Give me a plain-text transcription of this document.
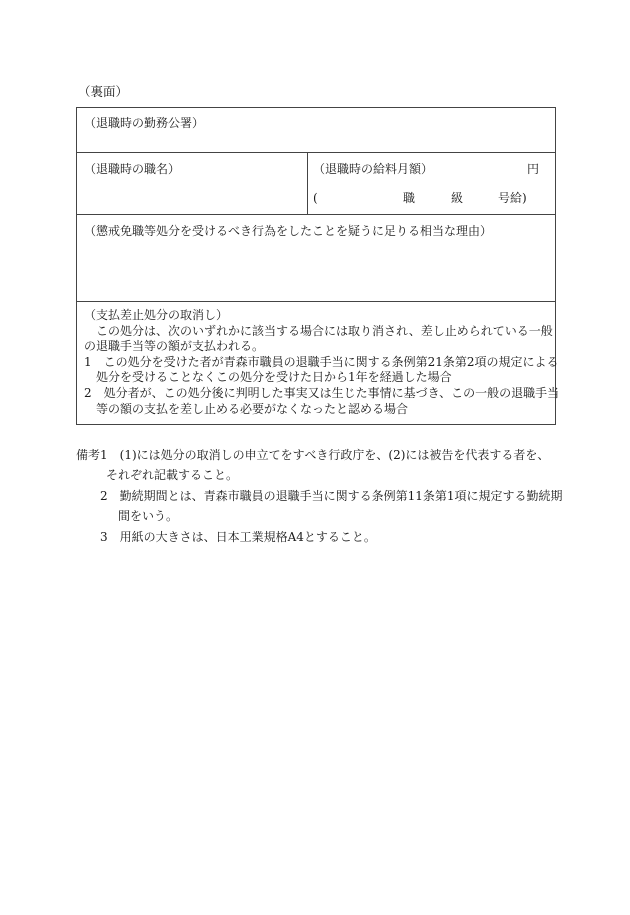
（裏面）
（退職時の勤務公署）
（退職時の職名）	（退職時の給料月額）	円
(	職	級	号給)
（懲戒免職等処分を受けるべき行為をしたことを疑うに足りる相当な理由）
（支払差止処分の取消し）
　この処分は、次のいずれかに該当する場合には取り消され、差し止められている一般
の退職手当等の額が支払われる。
1　この処分を受けた者が青森市職員の退職手当に関する条例第21条第2項の規定による
　処分を受けることなくこの処分を受けた日から1年を経過した場合
2　処分者が、この処分後に判明した事実又は生じた事情に基づき、この一般の退職手当
　等の額の支払を差し止める必要がなくなったと認める場合
備考1　(1)には処分の取消しの申立てをすべき行政庁を、(2)には被告を代表する者を、
それぞれ記載すること。
2　勤続期間とは、青森市職員の退職手当に関する条例第11条第1項に規定する勤続期
間をいう。
3　用紙の大きさは、日本工業規格A4とすること。
